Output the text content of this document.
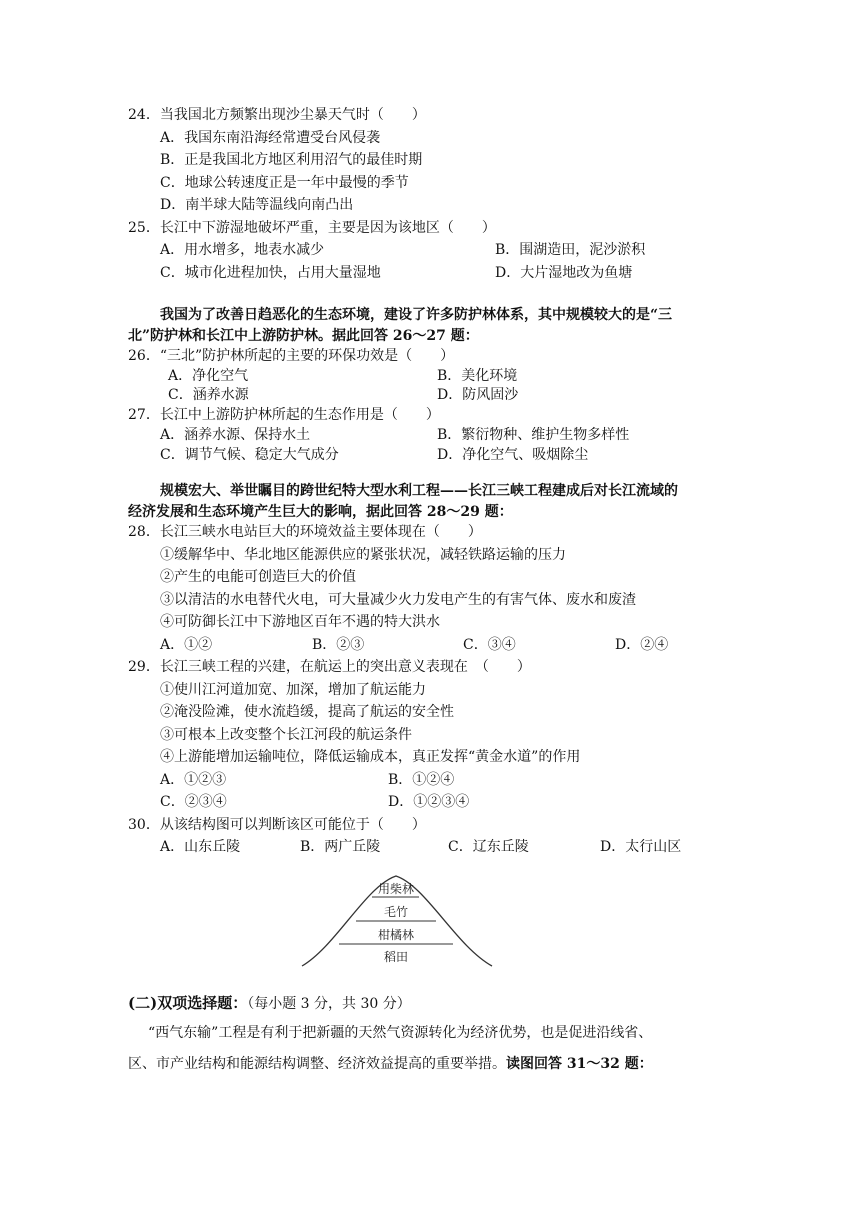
24．当我国北方频繁出现沙尘暴天气时（　　）
A．我国东南沿海经常遭受台风侵袭
B．正是我国北方地区利用沼气的最佳时期
C．地球公转速度正是一年中最慢的季节
D．南半球大陆等温线向南凸出
25．长江中下游湿地破坏严重，主要是因为该地区（　　）
A．用水增多，地表水减少	B．围湖造田，泥沙淤积
C．城市化进程加快，占用大量湿地	D．大片湿地改为鱼塘
我国为了改善日趋恶化的生态环境，建设了许多防护林体系，其中规模较大的是“三
北”防护林和长江中上游防护林。据此回答 26～27 题：
26．“三北”防护林所起的主要的环保功效是（　　）
A．净化空气	B．美化环境
C．涵养水源	D．防风固沙
27．长江中上游防护林所起的生态作用是（　　）
A．涵养水源、保持水土	B．繁衍物种、维护生物多样性
C．调节气候、稳定大气成分	D．净化空气、吸烟除尘
规模宏大、举世瞩目的跨世纪特大型水利工程——长江三峡工程建成后对长江流域的
经济发展和生态环境产生巨大的影响，据此回答 28～29 题：
28．长江三峡水电站巨大的环境效益主要体现在（　　）
①缓解华中、华北地区能源供应的紧张状况，减轻铁路运输的压力
②产生的电能可创造巨大的价值
③以清洁的水电替代火电，可大量减少火力发电产生的有害气体、废水和废渣
④可防御长江中下游地区百年不遇的特大洪水
A．①②	B．②③	C．③④	D．②④
29．长江三峡工程的兴建，在航运上的突出意义表现在　（　　）
①使川江河道加宽、加深，增加了航运能力
②淹没险滩，使水流趋缓，提高了航运的安全性
③可根本上改变整个长江河段的航运条件
④上游能增加运输吨位，降低运输成本，真正发挥“黄金水道”的作用
A．①②③	B．①②④
C．②③④	D．①②③④
30．从该结构图可以判断该区可能位于（　　）
A．山东丘陵	B．两广丘陵	C．辽东丘陵	D．太行山区
用柴林
毛竹
柑橘林
稻田
(二)双项选择题：（每小题 3 分，共 30 分）
“西气东输”工程是有利于把新疆的天然气资源转化为经济优势，也是促进沿线省、
区、市产业结构和能源结构调整、经济效益提高的重要举措。读图回答 31～32 题：
